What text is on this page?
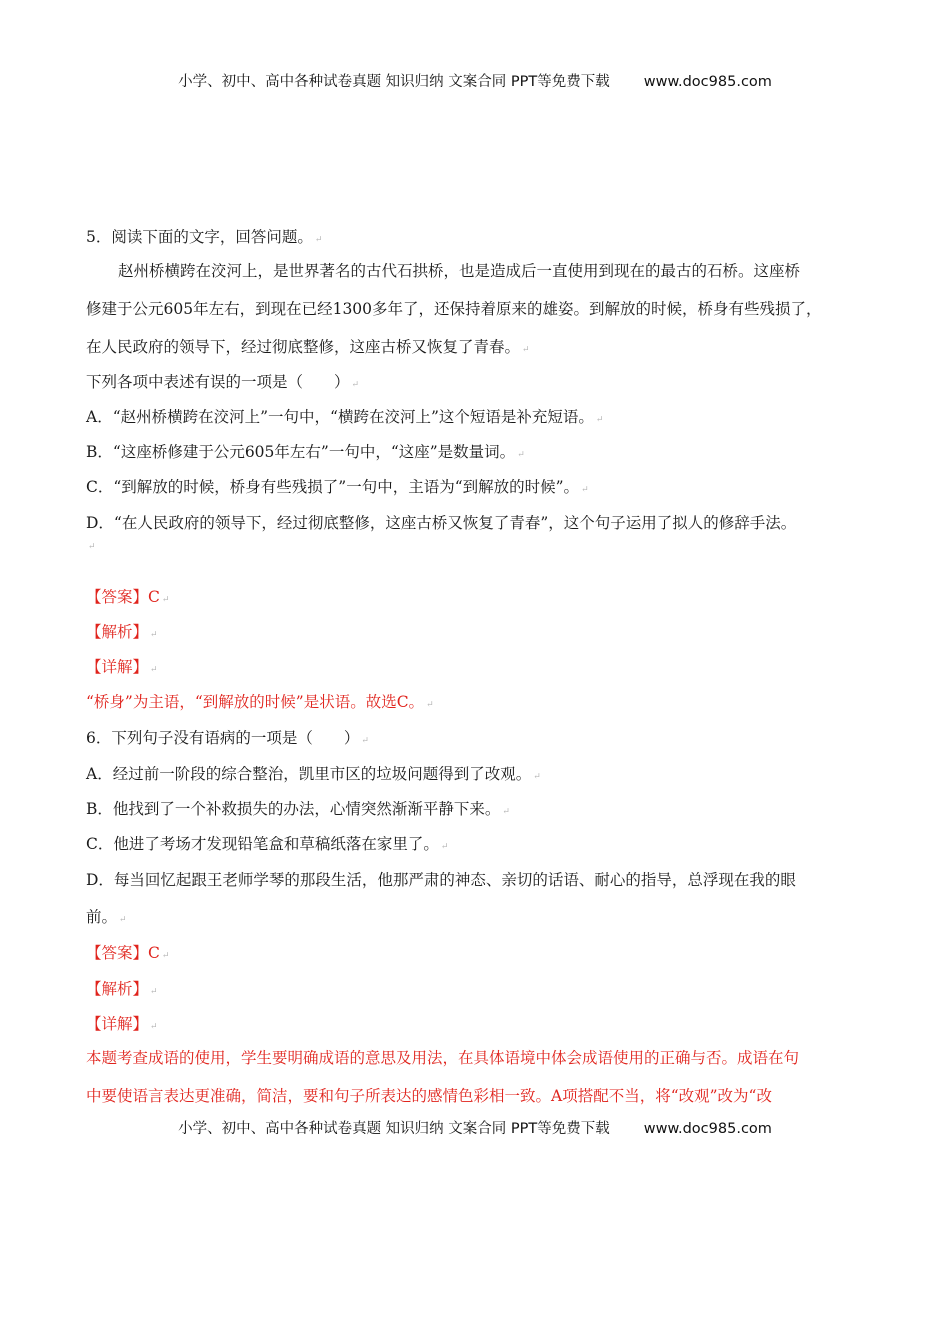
小学、初中、高中各种试卷真题 知识归纳 文案合同 PPT等免费下载 www.doc985.com
5．阅读下面的文字，回答问题。 ↵
赵州桥横跨在洨河上，是世界著名的古代石拱桥，也是造成后一直使用到现在的最古的石桥。这座桥
修建于公元605年左右，到现在已经1300多年了，还保持着原来的雄姿。到解放的时候，桥身有些残损了，
在人民政府的领导下，经过彻底整修，这座古桥又恢复了青春。 ↵
下列各项中表述有误的一项是（　　） ↵
A．“赵州桥横跨在洨河上”一句中，“横跨在洨河上”这个短语是补充短语。 ↵
B．“这座桥修建于公元605年左右”一句中，“这座”是数量词。 ↵
C．“到解放的时候，桥身有些残损了”一句中，主语为“到解放的时候”。 ↵
D．“在人民政府的领导下，经过彻底整修，这座古桥又恢复了青春”，这个句子运用了拟人的修辞手法。
↵
【答案】C ↵
【解析】 ↵
【详解】 ↵
“桥身”为主语，“到解放的时候”是状语。故选C。 ↵
6．下列句子没有语病的一项是（　　） ↵
A．经过前一阶段的综合整治，凯里市区的垃圾问题得到了改观。 ↵
B．他找到了一个补救损失的办法，心情突然渐渐平静下来。 ↵
C．他进了考场才发现铅笔盒和草稿纸落在家里了。 ↵
D．每当回忆起跟王老师学琴的那段生活，他那严肃的神态、亲切的话语、耐心的指导，总浮现在我的眼
前。 ↵
【答案】C ↵
【解析】 ↵
【详解】 ↵
本题考查成语的使用，学生要明确成语的意思及用法，在具体语境中体会成语使用的正确与否。成语在句
中要使语言表达更准确，简洁，要和句子所表达的感情色彩相一致。A项搭配不当，将“改观”改为“改
小学、初中、高中各种试卷真题 知识归纳 文案合同 PPT等免费下载 www.doc985.com
